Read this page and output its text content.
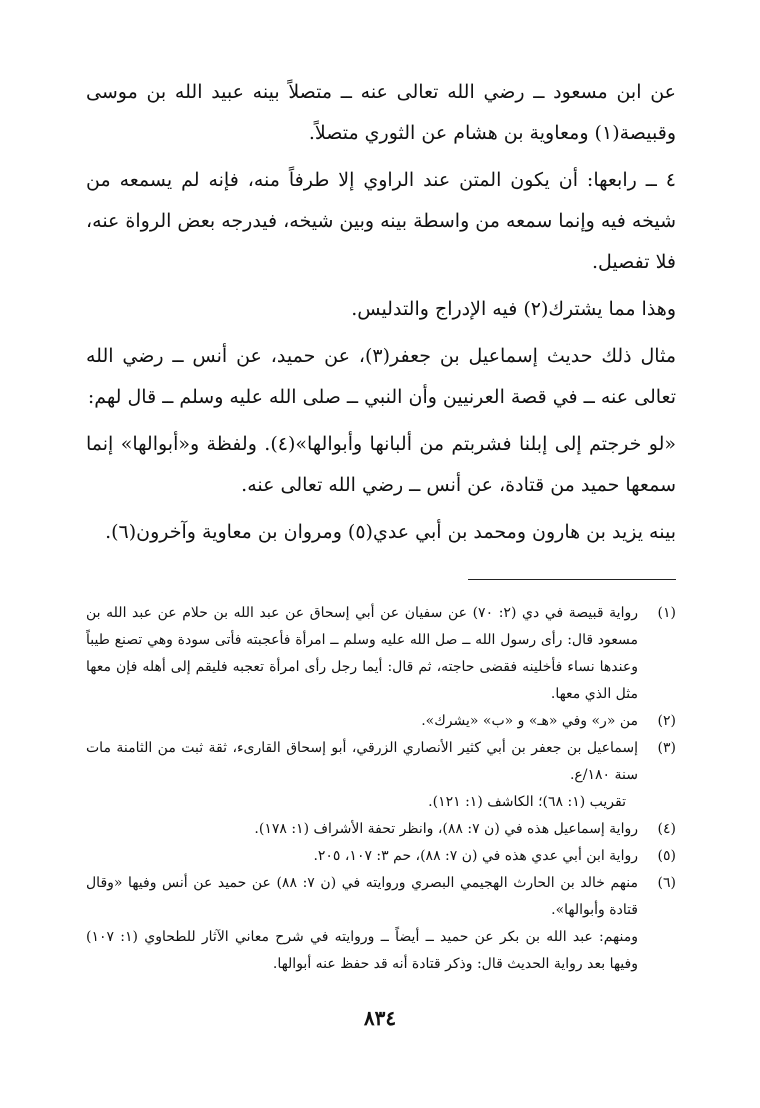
عن ابن مسعود ــ رضي الله تعالى عنه ــ متصلاً بينه عبيد الله بن موسى وقبيصة(١) ومعاوية بن هشام عن الثوري متصلاً.

٤ ــ رابعها: أن يكون المتن عند الراوي إلا طرفاً منه، فإنه لم يسمعه من شيخه فيه وإنما سمعه من واسطة بينه وبين شيخه، فيدرجه بعض الرواة عنه، فلا تفصيل.

وهذا مما يشترك(٢) فيه الإدراج والتدليس.

مثال ذلك حديث إسماعيل بن جعفر(٣)، عن حميد، عن أنس ــ رضي الله تعالى عنه ــ في قصة العرنيين وأن النبي ــ صلى الله عليه وسلم ــ قال لهم:

«لو خرجتم إلى إبلنا فشربتم من ألبانها وأبوالها»(٤). ولفظة و«أبوالها» إنما سمعها حميد من قتادة، عن أنس ــ رضي الله تعالى عنه.

بينه يزيد بن هارون ومحمد بن أبي عدي(٥) ومروان بن معاوية وآخرون(٦).

(١)
رواية قبيصة في دي (٢: ٧٠) عن سفيان عن أبي إسحاق عن عبد الله بن حلام عن عبد الله بن مسعود قال: رأى رسول الله ــ صل الله عليه وسلم ــ امرأة فأعجبته فأتى سودة وهي تصنع طيباً وعندها نساء فأخلينه فقضى حاجته، ثم قال: أيما رجل رأى امرأة تعجبه فليقم إلى أهله فإن معها مثل الذي معها.
(٢)
من «ر» وفي «هـ» و «ب» «يشرك».
(٣)
إسماعيل بن جعفر بن أبي كثير الأنصاري الزرقي، أبو إسحاق القارىء، ثقة ثبت من الثامنة مات سنة ١٨٠/ع.
تقريب (١: ٦٨)؛ الكاشف (١: ١٢١).
(٤)
رواية إسماعيل هذه في (ن ٧: ٨٨)، وانظر تحفة الأشراف (١: ١٧٨).
(٥)
رواية ابن أبي عدي هذه في (ن ٧: ٨٨)، حم ٣: ١٠٧، ٢٠٥.
(٦)
منهم خالد بن الحارث الهجيمي البصري وروايته في (ن ٧: ٨٨) عن حميد عن أنس وفيها «وقال قتادة وأبوالها».
ومنهم: عبد الله بن بكر عن حميد ــ أيضاً ــ وروايته في شرح معاني الآثار للطحاوي (١: ١٠٧) وفيها بعد رواية الحديث قال: وذكر قتادة أنه قد حفظ عنه أبوالها.
٨٣٤
